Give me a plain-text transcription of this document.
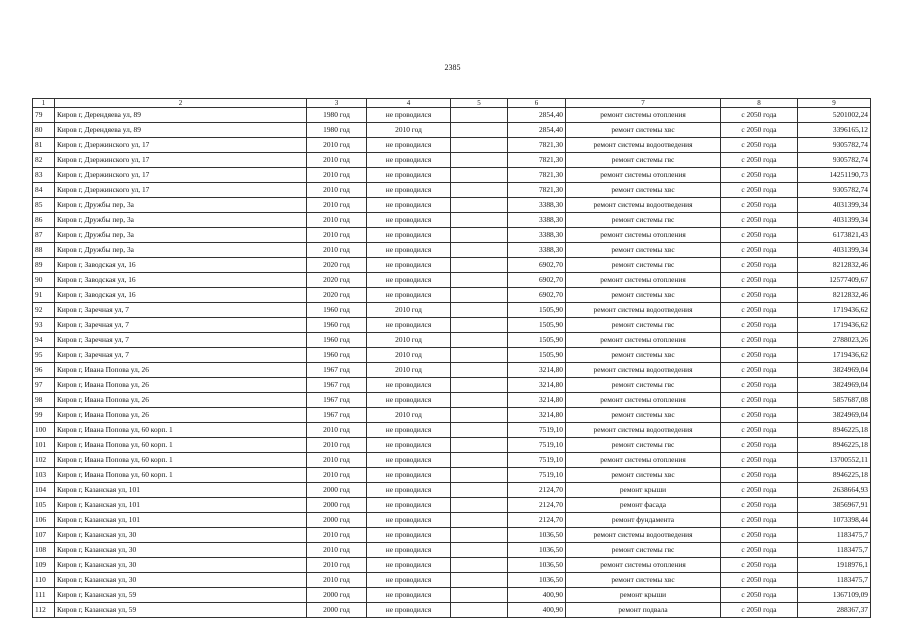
2385
1	2	3	4	5	6	7	8	9
79	Киров г, Дерендяева ул, 89	1980 год	не проводился		2854,40	ремонт системы отопления	с 2050 года	5201002,24
80	Киров г, Дерендяева ул, 89	1980 год	2010 год		2854,40	ремонт системы хвс	с 2050 года	3396165,12
81	Киров г, Дзержинского ул, 17	2010 год	не проводился		7821,30	ремонт системы водоотведения	с 2050 года	9305782,74
82	Киров г, Дзержинского ул, 17	2010 год	не проводился		7821,30	ремонт системы гвс	с 2050 года	9305782,74
83	Киров г, Дзержинского ул, 17	2010 год	не проводился		7821,30	ремонт системы отопления	с 2050 года	14251190,73
84	Киров г, Дзержинского ул, 17	2010 год	не проводился		7821,30	ремонт системы хвс	с 2050 года	9305782,74
85	Киров г, Дружбы пер, 3а	2010 год	не проводился		3388,30	ремонт системы водоотведения	с 2050 года	4031399,34
86	Киров г, Дружбы пер, 3а	2010 год	не проводился		3388,30	ремонт системы гвс	с 2050 года	4031399,34
87	Киров г, Дружбы пер, 3а	2010 год	не проводился		3388,30	ремонт системы отопления	с 2050 года	6173821,43
88	Киров г, Дружбы пер, 3а	2010 год	не проводился		3388,30	ремонт системы хвс	с 2050 года	4031399,34
89	Киров г, Заводская ул, 16	2020 год	не проводился		6902,70	ремонт системы гвс	с 2050 года	8212832,46
90	Киров г, Заводская ул, 16	2020 год	не проводился		6902,70	ремонт системы отопления	с 2050 года	12577409,67
91	Киров г, Заводская ул, 16	2020 год	не проводился		6902,70	ремонт системы хвс	с 2050 года	8212832,46
92	Киров г, Заречная ул, 7	1960 год	2010 год		1505,90	ремонт системы водоотведения	с 2050 года	1719436,62
93	Киров г, Заречная ул, 7	1960 год	не проводился		1505,90	ремонт системы гвс	с 2050 года	1719436,62
94	Киров г, Заречная ул, 7	1960 год	2010 год		1505,90	ремонт системы отопления	с 2050 года	2788023,26
95	Киров г, Заречная ул, 7	1960 год	2010 год		1505,90	ремонт системы хвс	с 2050 года	1719436,62
96	Киров г, Ивана Попова ул, 26	1967 год	2010 год		3214,80	ремонт системы водоотведения	с 2050 года	3824969,04
97	Киров г, Ивана Попова ул, 26	1967 год	не проводился		3214,80	ремонт системы гвс	с 2050 года	3824969,04
98	Киров г, Ивана Попова ул, 26	1967 год	не проводился		3214,80	ремонт системы отопления	с 2050 года	5857687,08
99	Киров г, Ивана Попова ул, 26	1967 год	2010 год		3214,80	ремонт системы хвс	с 2050 года	3824969,04
100	Киров г, Ивана Попова ул, 60 корп. 1	2010 год	не проводился		7519,10	ремонт системы водоотведения	с 2050 года	8946225,18
101	Киров г, Ивана Попова ул, 60 корп. 1	2010 год	не проводился		7519,10	ремонт системы гвс	с 2050 года	8946225,18
102	Киров г, Ивана Попова ул, 60 корп. 1	2010 год	не проводился		7519,10	ремонт системы отопления	с 2050 года	13700552,11
103	Киров г, Ивана Попова ул, 60 корп. 1	2010 год	не проводился		7519,10	ремонт системы хвс	с 2050 года	8946225,18
104	Киров г, Казанская ул, 101	2000 год	не проводился		2124,70	ремонт крыши	с 2050 года	2638664,93
105	Киров г, Казанская ул, 101	2000 год	не проводился		2124,70	ремонт фасада	с 2050 года	3856967,91
106	Киров г, Казанская ул, 101	2000 год	не проводился		2124,70	ремонт фундамента	с 2050 года	1073398,44
107	Киров г, Казанская ул, 30	2010 год	не проводился		1036,50	ремонт системы водоотведения	с 2050 года	1183475,7
108	Киров г, Казанская ул, 30	2010 год	не проводился		1036,50	ремонт системы гвс	с 2050 года	1183475,7
109	Киров г, Казанская ул, 30	2010 год	не проводился		1036,50	ремонт системы отопления	с 2050 года	1918976,1
110	Киров г, Казанская ул, 30	2010 год	не проводился		1036,50	ремонт системы хвс	с 2050 года	1183475,7
111	Киров г, Казанская ул, 59	2000 год	не проводился		400,90	ремонт крыши	с 2050 года	1367109,09
112	Киров г, Казанская ул, 59	2000 год	не проводился		400,90	ремонт подвала	с 2050 года	288367,37
